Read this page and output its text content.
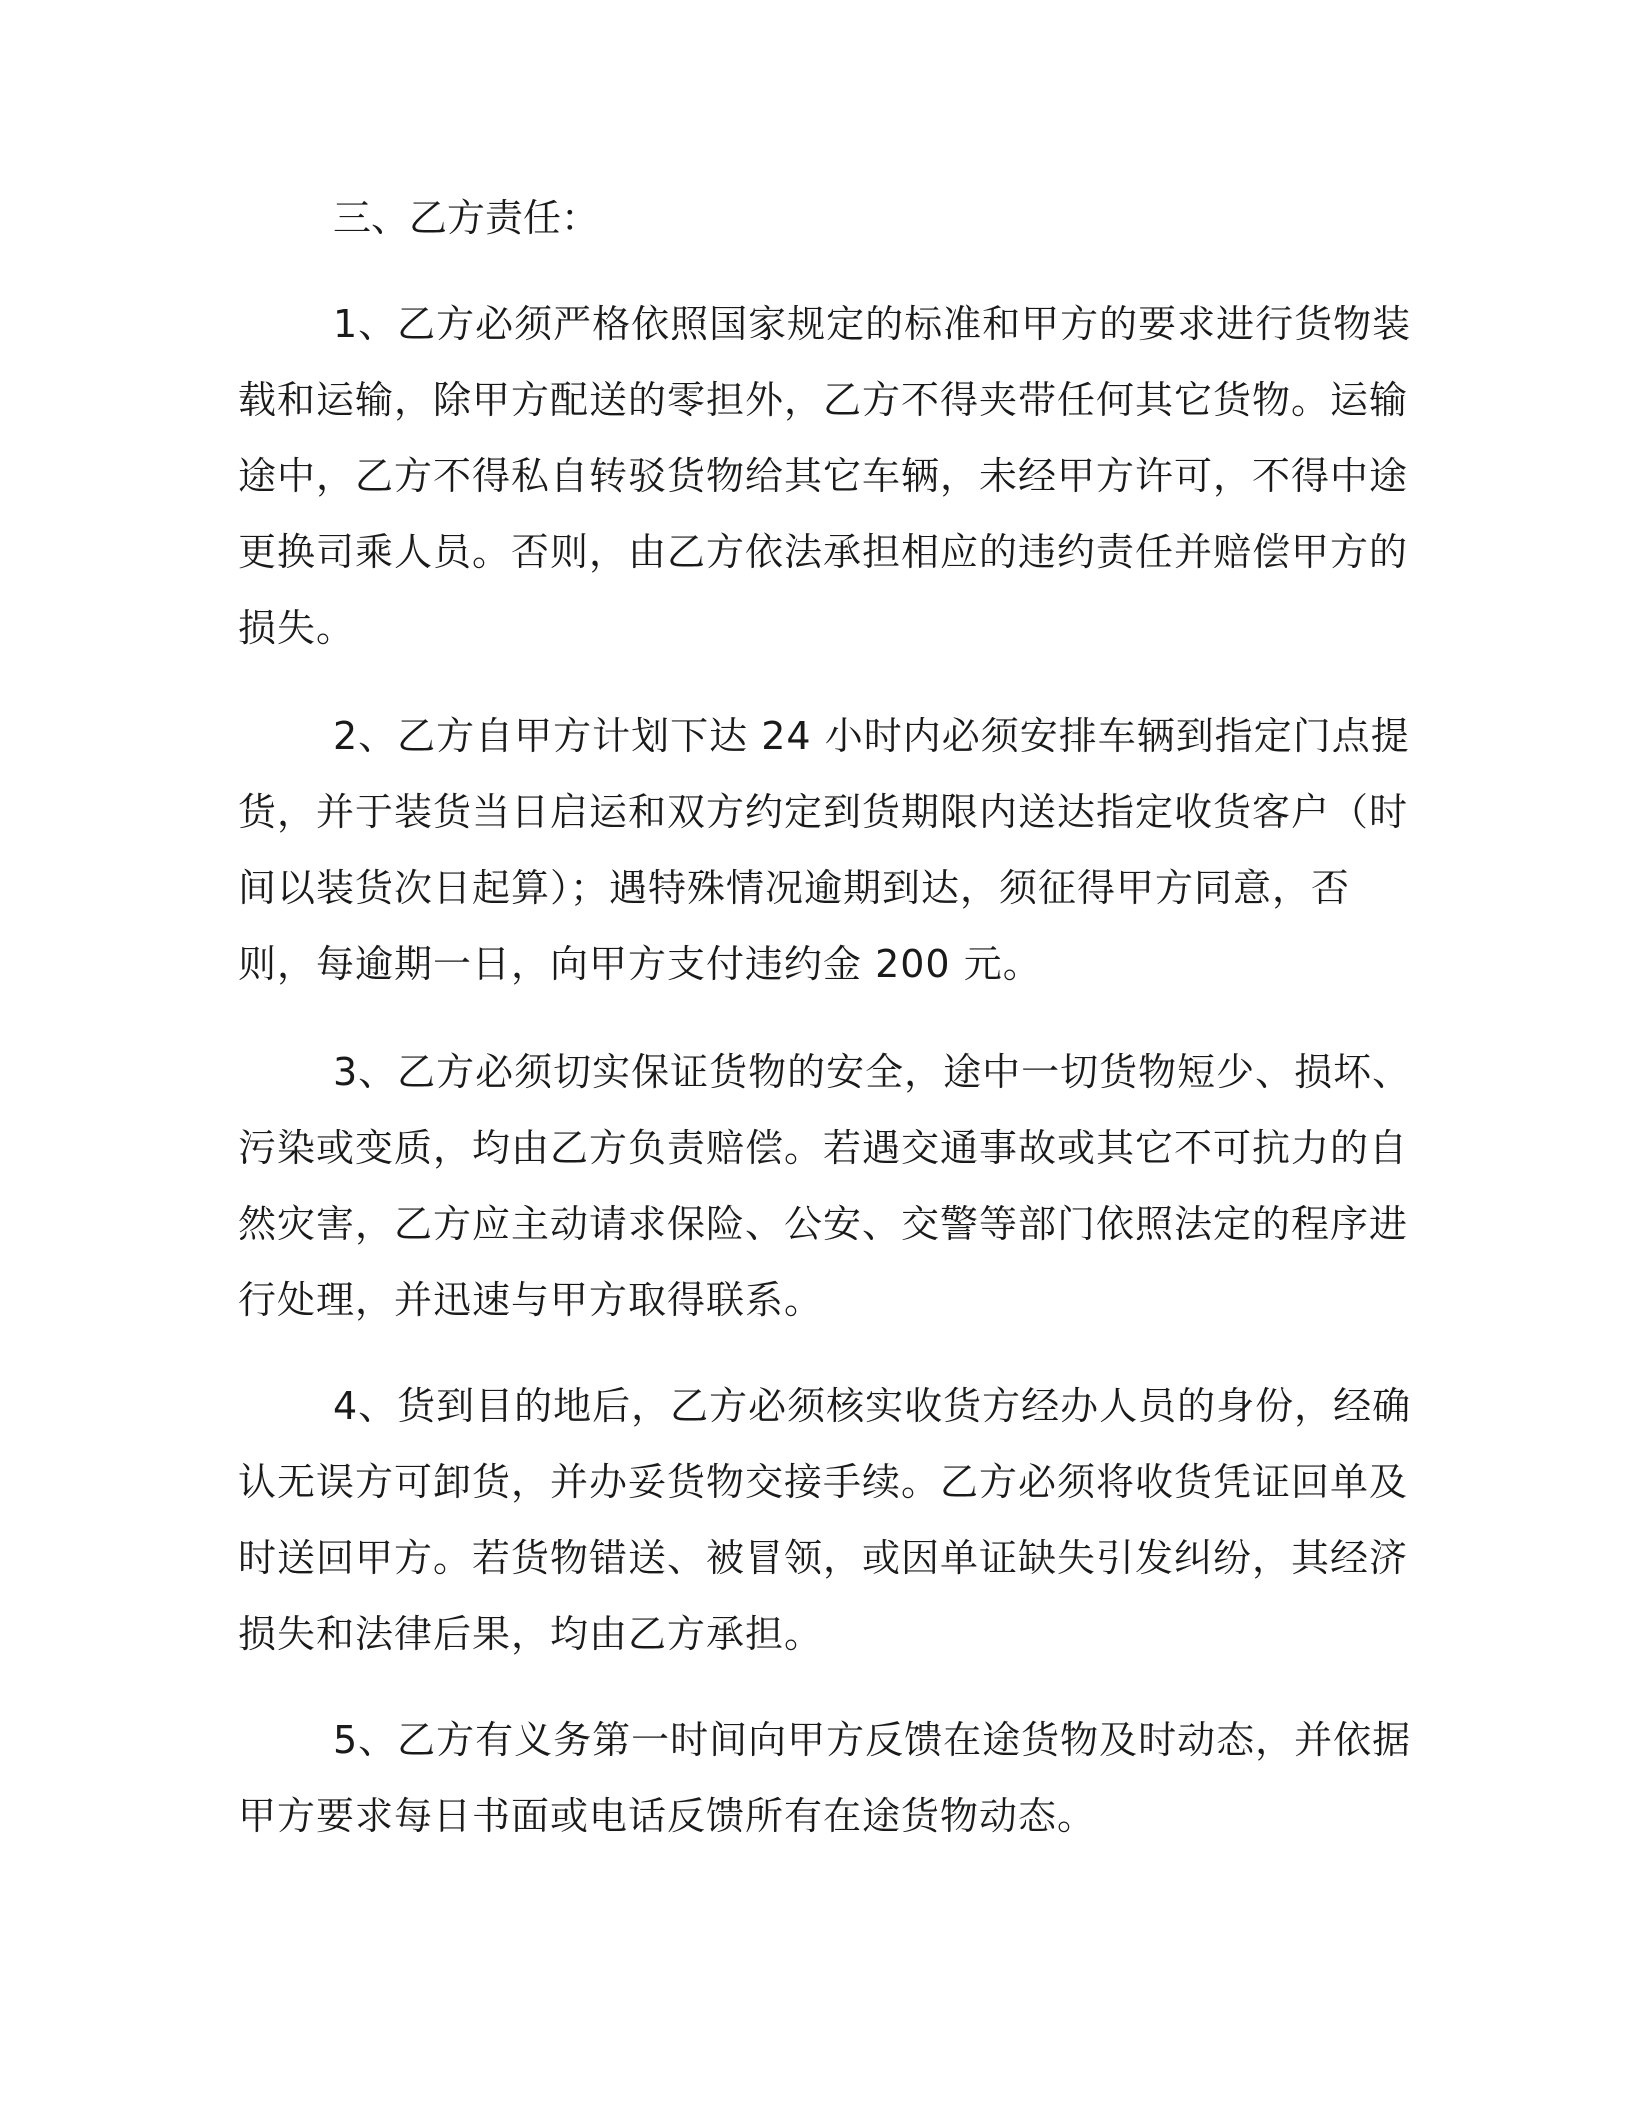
三、乙方责任：

1、乙方必须严格依照国家规定的标准和甲方的要求进行货物装载和运输，除甲方配送的零担外，乙方不得夹带任何其它货物。运输途中，乙方不得私自转驳货物给其它车辆，未经甲方许可，不得中途更换司乘人员。否则，由乙方依法承担相应的违约责任并赔偿甲方的损失。

2、乙方自甲方计划下达 24 小时内必须安排车辆到指定门点提货，并于装货当日启运和双方约定到货期限内送达指定收货客户（时间以装货次日起算）；遇特殊情况逾期到达，须征得甲方同意，否则，每逾期一日，向甲方支付违约金 200 元。

3、乙方必须切实保证货物的安全，途中一切货物短少、损坏、污染或变质，均由乙方负责赔偿。若遇交通事故或其它不可抗力的自然灾害，乙方应主动请求保险、公安、交警等部门依照法定的程序进行处理，并迅速与甲方取得联系。

4、货到目的地后，乙方必须核实收货方经办人员的身份，经确认无误方可卸货，并办妥货物交接手续。乙方必须将收货凭证回单及时送回甲方。若货物错送、被冒领，或因单证缺失引发纠纷，其经济损失和法律后果，均由乙方承担。

5、乙方有义务第一时间向甲方反馈在途货物及时动态，并依据甲方要求每日书面或电话反馈所有在途货物动态。
